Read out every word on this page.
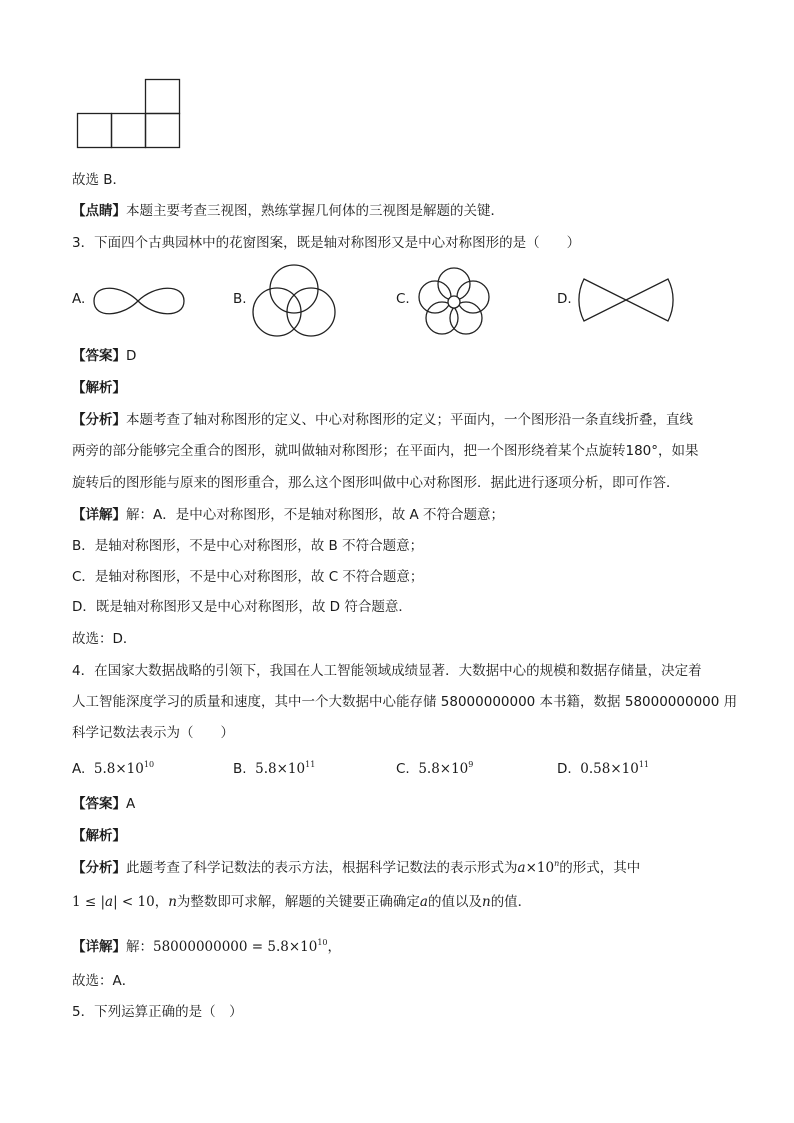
故选 B．
【点睛】本题主要考查三视图，熟练掌握几何体的三视图是解题的关键．
3．下面四个古典园林中的花窗图案，既是轴对称图形又是中心对称图形的是（　　）
A.	B.	C.	D.
【答案】D
【解析】
【分析】本题考查了轴对称图形的定义、中心对称图形的定义；平面内，一个图形沿一条直线折叠，直线
两旁的部分能够完全重合的图形，就叫做轴对称图形；在平面内，把一个图形绕着某个点旋转180°，如果
旋转后的图形能与原来的图形重合，那么这个图形叫做中心对称图形．据此进行逐项分析，即可作答．
【详解】解：A．是中心对称图形，不是轴对称图形，故 A 不符合题意；
B．是轴对称图形，不是中心对称图形，故 B 不符合题意；
C．是轴对称图形，不是中心对称图形，故 C 不符合题意；
D．既是轴对称图形又是中心对称图形，故 D 符合题意．
故选：D．
4．在国家大数据战略的引领下，我国在人工智能领域成绩显著．大数据中心的规模和数据存储量，决定着
人工智能深度学习的质量和速度，其中一个大数据中心能存储 58000000000 本书籍，数据 58000000000 用
科学记数法表示为（　　）
A. $5.8\times 10^{10}$	B. $5.8\times 10^{11}$	C. $5.8\times 10^9$	D. $0.58\times 10^{11}$
【答案】A
【解析】
【分析】此题考查了科学记数法的表示方法，根据科学记数法的表示形式为$a\times 10^n$的形式，其中
1 ≤ |a| < 10，n为整数即可求解，解题的关键要正确确定a的值以及n的值．
【详解】解：$58000000000 = 5.8\times 10^{10}$，
故选：A．
5．下列运算正确的是（　）
